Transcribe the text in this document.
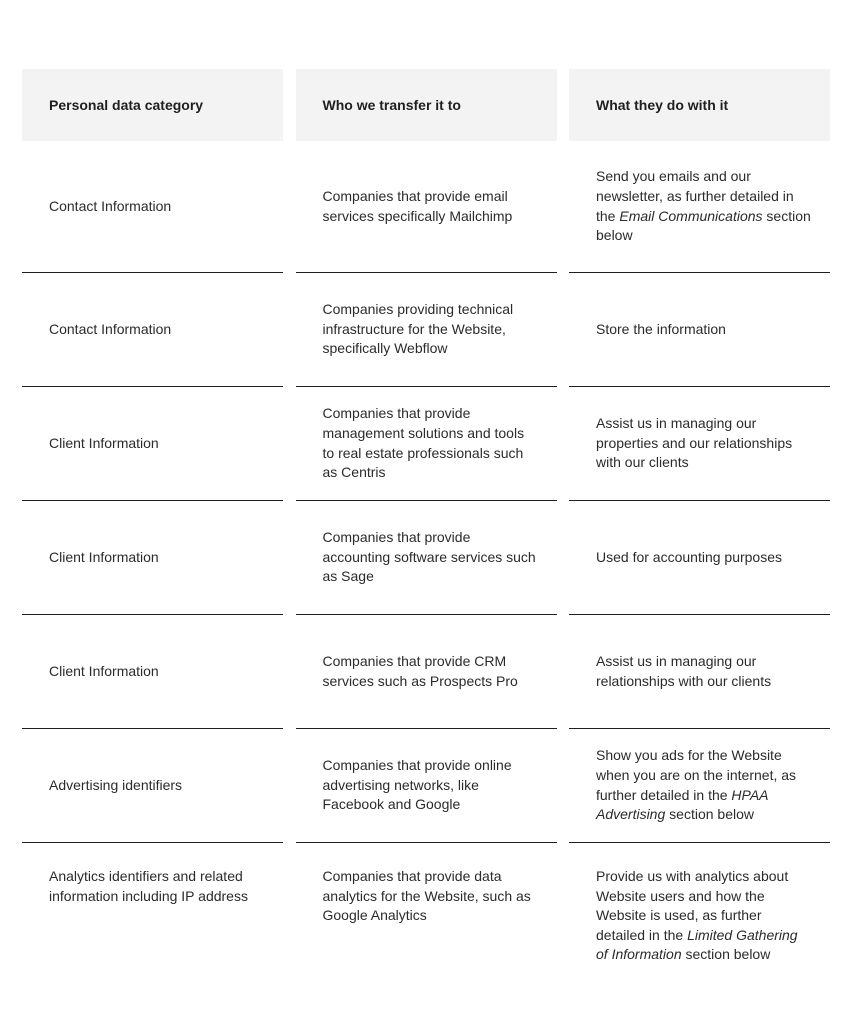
Personal data category	Who we transfer it to	What they do with it
Contact Information
Companies that provide email services specifically Mailchimp
Send you emails and our newsletter, as further detailed in the Email Communications section below
Contact Information
Companies providing technical infrastructure for the Website, specifically Webflow
Store the information
Client Information
Companies that provide management solutions and tools to real estate professionals such as Centris
Assist us in managing our properties and our relationships with our clients
Client Information
Companies that provide accounting software services such as Sage
Used for accounting purposes
Client Information
Companies that provide CRM services such as Prospects Pro
Assist us in managing our relationships with our clients
Advertising identifiers
Companies that provide online advertising networks, like Facebook and Google
Show you ads for the Website when you are on the internet, as further detailed in the HPAA Advertising section below
Analytics identifiers and related information including IP address
Companies that provide data analytics for the Website, such as Google Analytics
Provide us with analytics about Website users and how the Website is used, as further detailed in the Limited Gathering of Information section below
